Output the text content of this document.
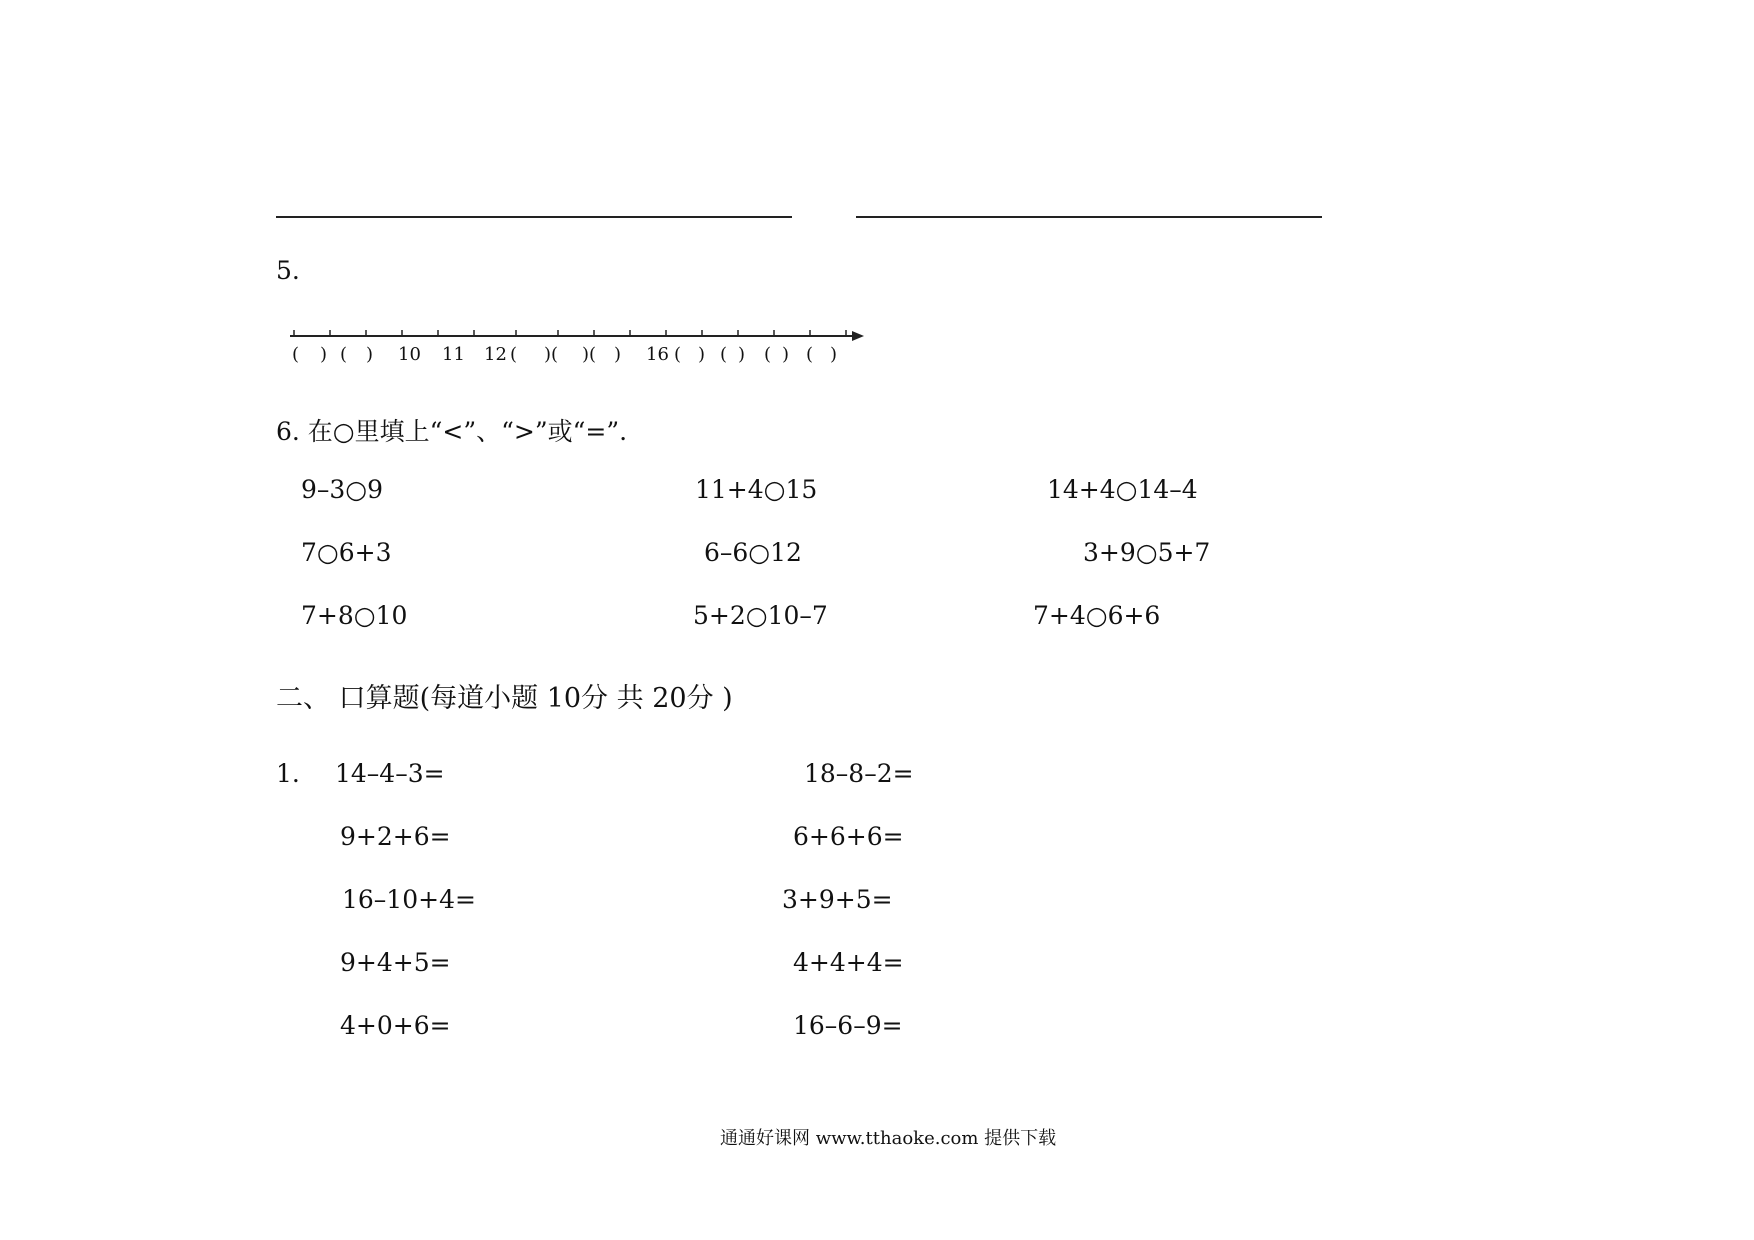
5.
( ) ( ) 10 11 12 ( )( )( ) 16 ( ) ( ) ( ) ( )
6. 在○里填上“<”、“>”或“=”.
9–3○9	11+4○15	14+4○14–4
7○6+3	6–6○12	3+9○5+7
7+8○10	5+2○10–7	7+4○6+6
二、 口算题(每道小题 10分 共 20分 )
1. 14–4–3=	18–8–2=
9+2+6=	6+6+6=
16–10+4=	3+9+5=
9+4+5=	4+4+4=
4+0+6=	16–6–9=
通通好课网 www.tthaoke.com 提供下载
